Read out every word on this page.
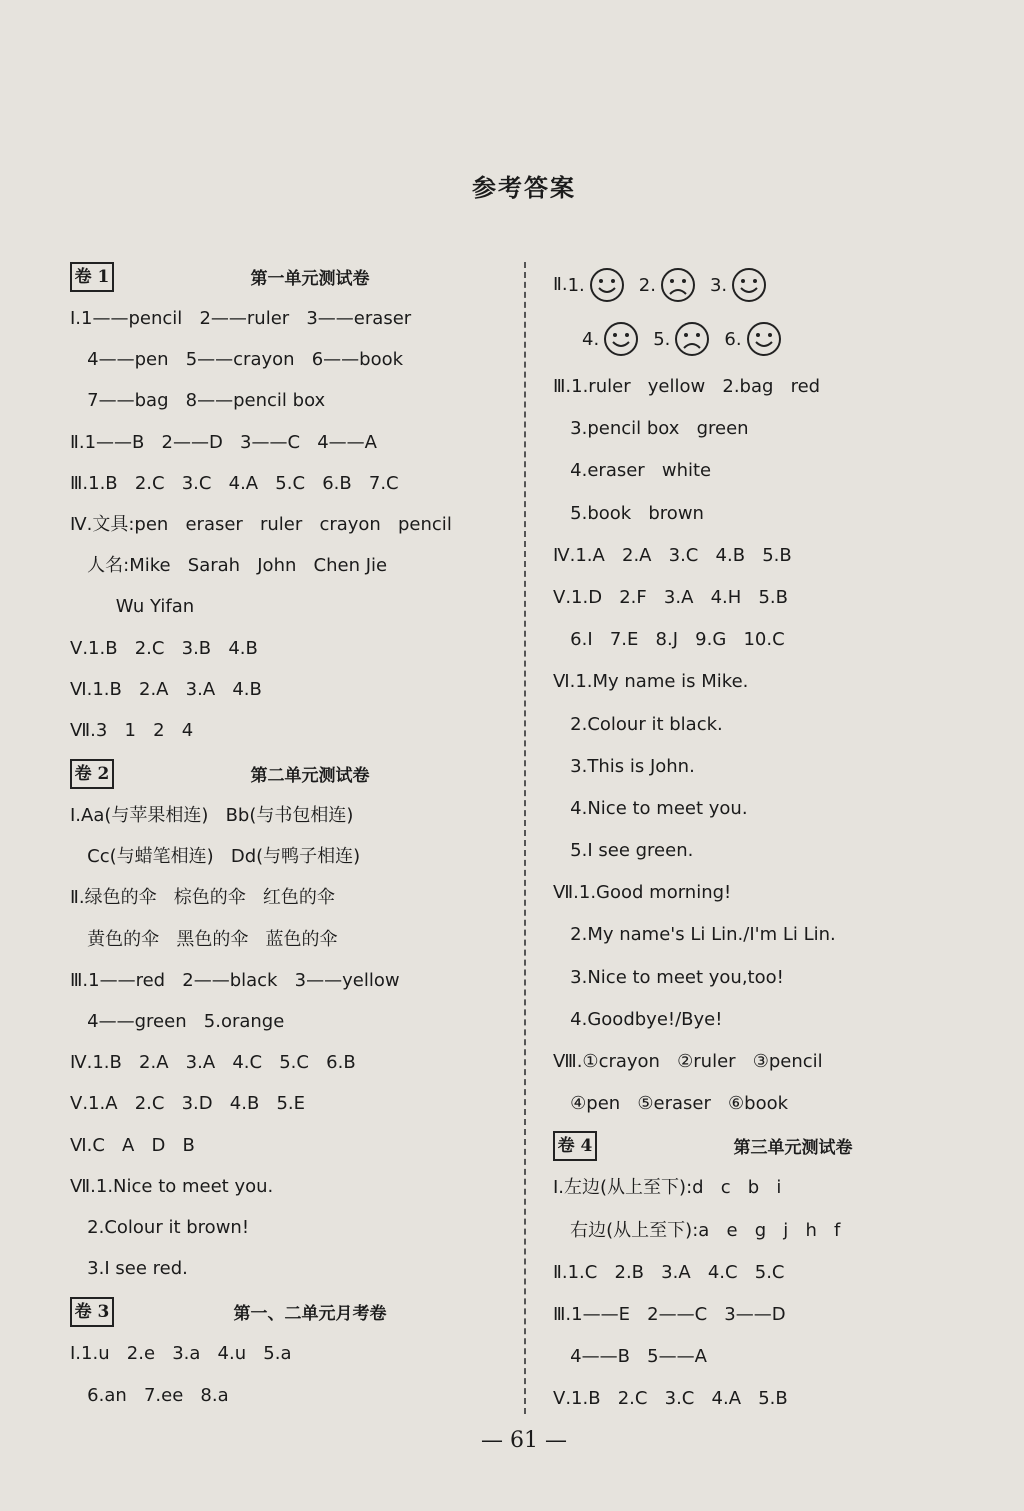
参考答案
卷 1	第一单元测试卷
Ⅰ.1——pencil   2——ruler   3——eraser
4——pen   5——crayon   6——book
7——bag   8——pencil box
Ⅱ.1——B   2——D   3——C   4——A
Ⅲ.1.B   2.C   3.C   4.A   5.C   6.B   7.C
Ⅳ.文具:pen   eraser   ruler   crayon   pencil
人名:Mike   Sarah   John   Chen Jie
Wu Yifan
Ⅴ.1.B   2.C   3.B   4.B
Ⅵ.1.B   2.A   3.A   4.B
Ⅶ.3   1   2   4
卷 2	第二单元测试卷
Ⅰ.Aa(与苹果相连)   Bb(与书包相连)
Cc(与蜡笔相连)   Dd(与鸭子相连)
Ⅱ.绿色的伞   棕色的伞   红色的伞
黄色的伞   黑色的伞   蓝色的伞
Ⅲ.1——red   2——black   3——yellow
4——green   5.orange
Ⅳ.1.B   2.A   3.A   4.C   5.C   6.B
Ⅴ.1.A   2.C   3.D   4.B   5.E
Ⅵ.C   A   D   B
Ⅶ.1.Nice to meet you.
2.Colour it brown!
3.I see red.
卷 3	第一、二单元月考卷
Ⅰ.1.u   2.e   3.a   4.u   5.a
6.an   7.ee   8.a
Ⅱ. 1.	2.	3.
4.	5.	6.
Ⅲ.1.ruler   yellow   2.bag   red
3.pencil box   green
4.eraser   white
5.book   brown
Ⅳ.1.A   2.A   3.C   4.B   5.B
Ⅴ.1.D   2.F   3.A   4.H   5.B
6.I   7.E   8.J   9.G   10.C
Ⅵ.1.My name is Mike.
2.Colour it black.
3.This is John.
4.Nice to meet you.
5.I see green.
Ⅶ.1.Good morning!
2.My name's Li Lin./I'm Li Lin.
3.Nice to meet you,too!
4.Goodbye!/Bye!
Ⅷ.①crayon   ②ruler   ③pencil
④pen   ⑤eraser   ⑥book
卷 4	第三单元测试卷
Ⅰ.左边(从上至下):d   c   b   i
右边(从上至下):a   e   g   j   h   f
Ⅱ.1.C   2.B   3.A   4.C   5.C
Ⅲ.1——E   2——C   3——D
4——B   5——A
Ⅴ.1.B   2.C   3.C   4.A   5.B
— 61 —
